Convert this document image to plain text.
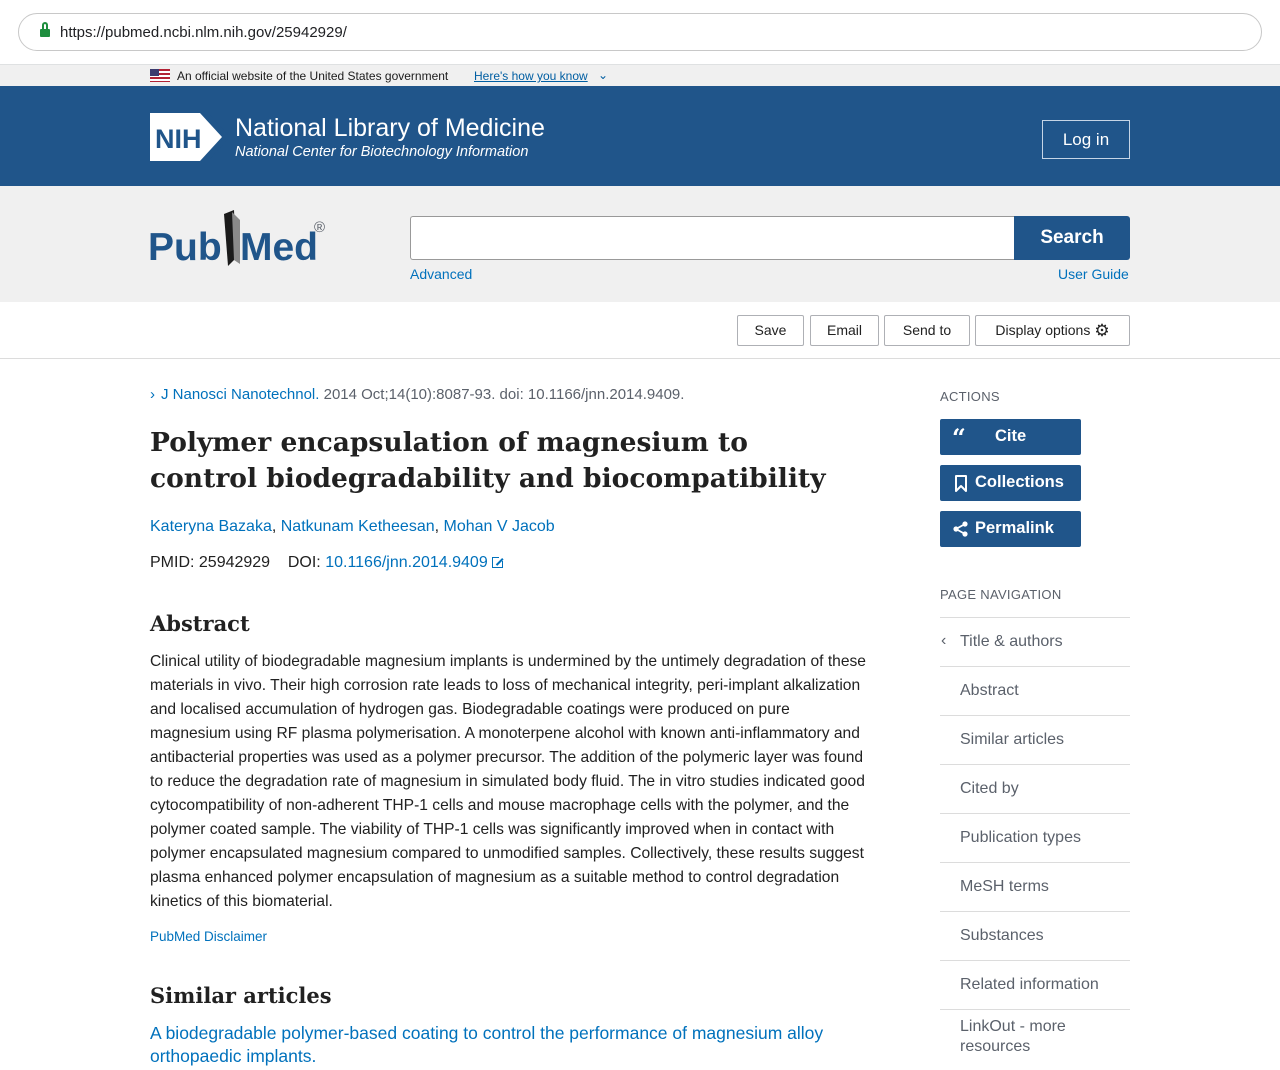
https://pubmed.ncbi.nlm.nih.gov/25942929/
An official website of the United States government Here's how you know ⌄
NIH National Library of Medicine
National Center for Biotechnology Information
Log in
Pub Med
®	Search
Advanced	User Guide
Save	Email	Send to	Display options ⚙
› J Nanosci Nanotechnol. 2014 Oct;14(10):8087-93. doi: 10.1166/jnn.2014.9409.
Polymer encapsulation of magnesium to control biodegradability and biocompatibility
Kateryna Bazaka, Natkunam Ketheesan, Mohan V Jacob
PMID: 25942929 DOI: 10.1166/jnn.2014.9409
Abstract

Clinical utility of biodegradable magnesium implants is undermined by the untimely degradation of these materials in vivo. Their high corrosion rate leads to loss of mechanical integrity, peri-implant alkalization and localised accumulation of hydrogen gas. Biodegradable coatings were produced on pure magnesium using RF plasma polymerisation. A monoterpene alcohol with known anti-inflammatory and antibacterial properties was used as a polymer precursor. The addition of the polymeric layer was found to reduce the degradation rate of magnesium in simulated body fluid. The in vitro studies indicated good cytocompatibility of non-adherent THP-1 cells and mouse macrophage cells with the polymer, and the polymer coated sample. The viability of THP-1 cells was significantly improved when in contact with polymer encapsulated magnesium compared to unmodified samples. Collectively, these results suggest plasma enhanced polymer encapsulation of magnesium as a suitable method to control degradation kinetics of this biomaterial.

PubMed Disclaimer
Similar articles
A biodegradable polymer-based coating to control the performance of magnesium alloy orthopaedic implants.
ACTIONS
“ Cite
Collections
Permalink
PAGE NAVIGATION
‹ Title & authors
Abstract
Similar articles
Cited by
Publication types
MeSH terms
Substances
Related information
LinkOut - more resources
